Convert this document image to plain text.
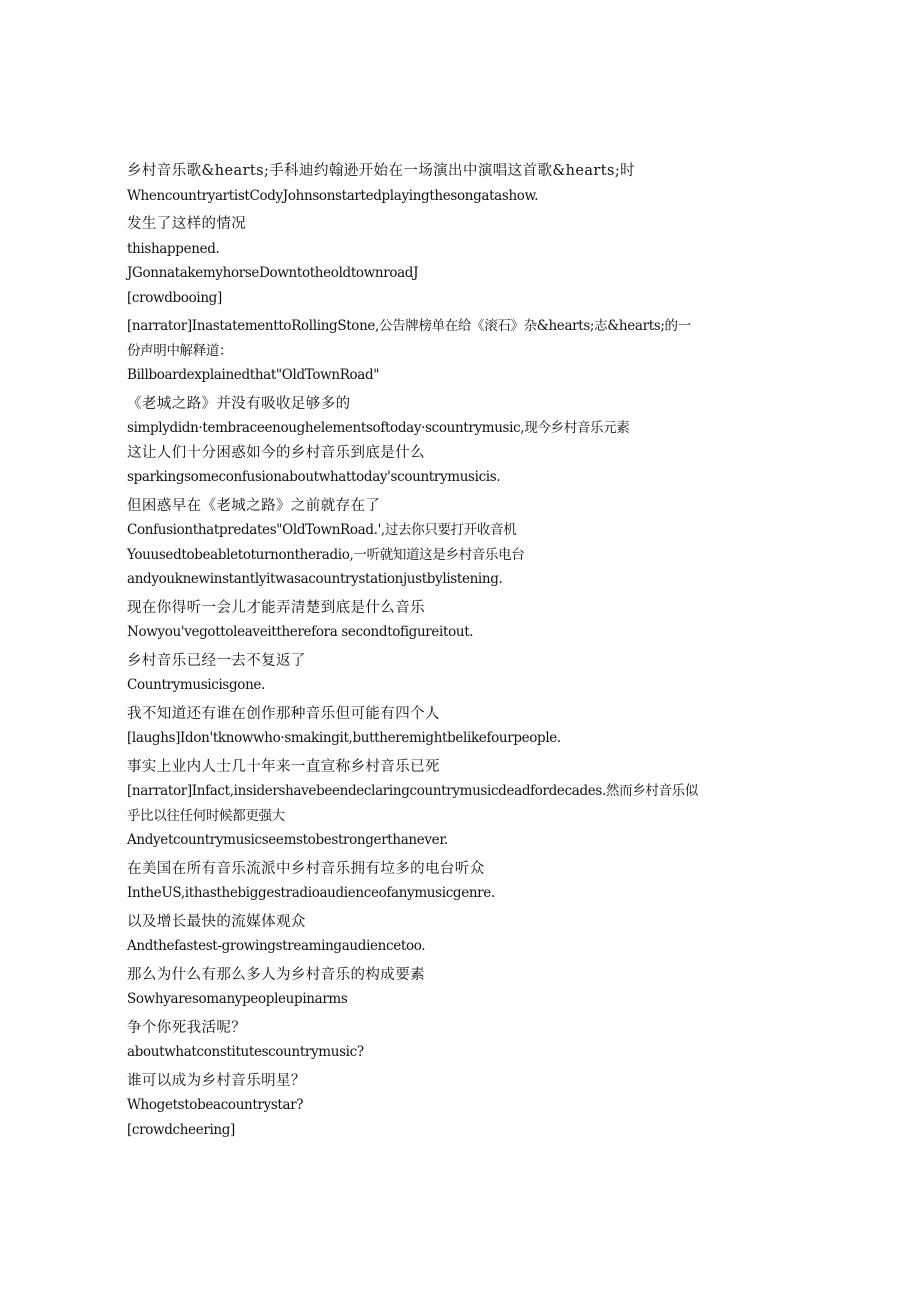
乡村音乐歌&hearts;手科迪约翰逊开始在一场演出中演唱这首歌&hearts;时
WhencountryartistCodyJohnsonstartedplayingthesongatashow.
发生了这样的情况
thishappened.
JGonnatakemyhorseDowntotheoldtownroadJ
[crowdbooing]
[narrator]InastatementtoRollingStone,公告牌榜单在给《滚石》杂&hearts;志&hearts;的一份声明中解释道：
Billboardexplainedthat"OldTownRoad"
《老城之路》并没有吸收足够多的
simplydidn·tembraceenoughelementsoftoday·scountrymusic,现今乡村音乐元素
这让人们十分困惑如今的乡村音乐到底是什么
sparkingsomeconfusionaboutwhattoday'scountrymusicis.
但困惑早在《老城之路》之前就存在了
Confusionthatpredates"OldTownRoad.',过去你只要打开收音机
Youusedtobeabletoturnontheradio,一听就知道这是乡村音乐电台
andyouknewinstantlyitwasacountrystationjustbylistening.
现在你得听一会儿才能弄清楚到底是什么音乐
Nowyou'vegottoleaveittherefora secondtofigureitout.
乡村音乐已经一去不复返了
Countrymusicisgone.
我不知道还有谁在创作那种音乐但可能有四个人
[laughs]Idon'tknowwho·smakingit,buttheremightbelikefourpeople.
事实上业内人士几十年来一直宣称乡村音乐已死
[narrator]Infact,insidershavebeendeclaringcountrymusicdeadfordecades.然而乡村音乐似乎比以往任何时候都更强大
Andyetcountrymusicseemstobestrongerthanever.
在美国在所有音乐流派中乡村音乐拥有垃多的电台听众
IntheUS,ithasthebiggestradioaudienceofanymusicgenre.
以及增长最快的流媒体观众
Andthefastest-growingstreamingaudiencetoo.
那么为什么有那么多人为乡村音乐的构成要素
Sowhyaresomanypeopleupinarms
争个你死我活呢？
aboutwhatconstitutescountrymusic?
谁可以成为乡村音乐明星？
Whogetstobeacountrystar?
[crowdcheering]
